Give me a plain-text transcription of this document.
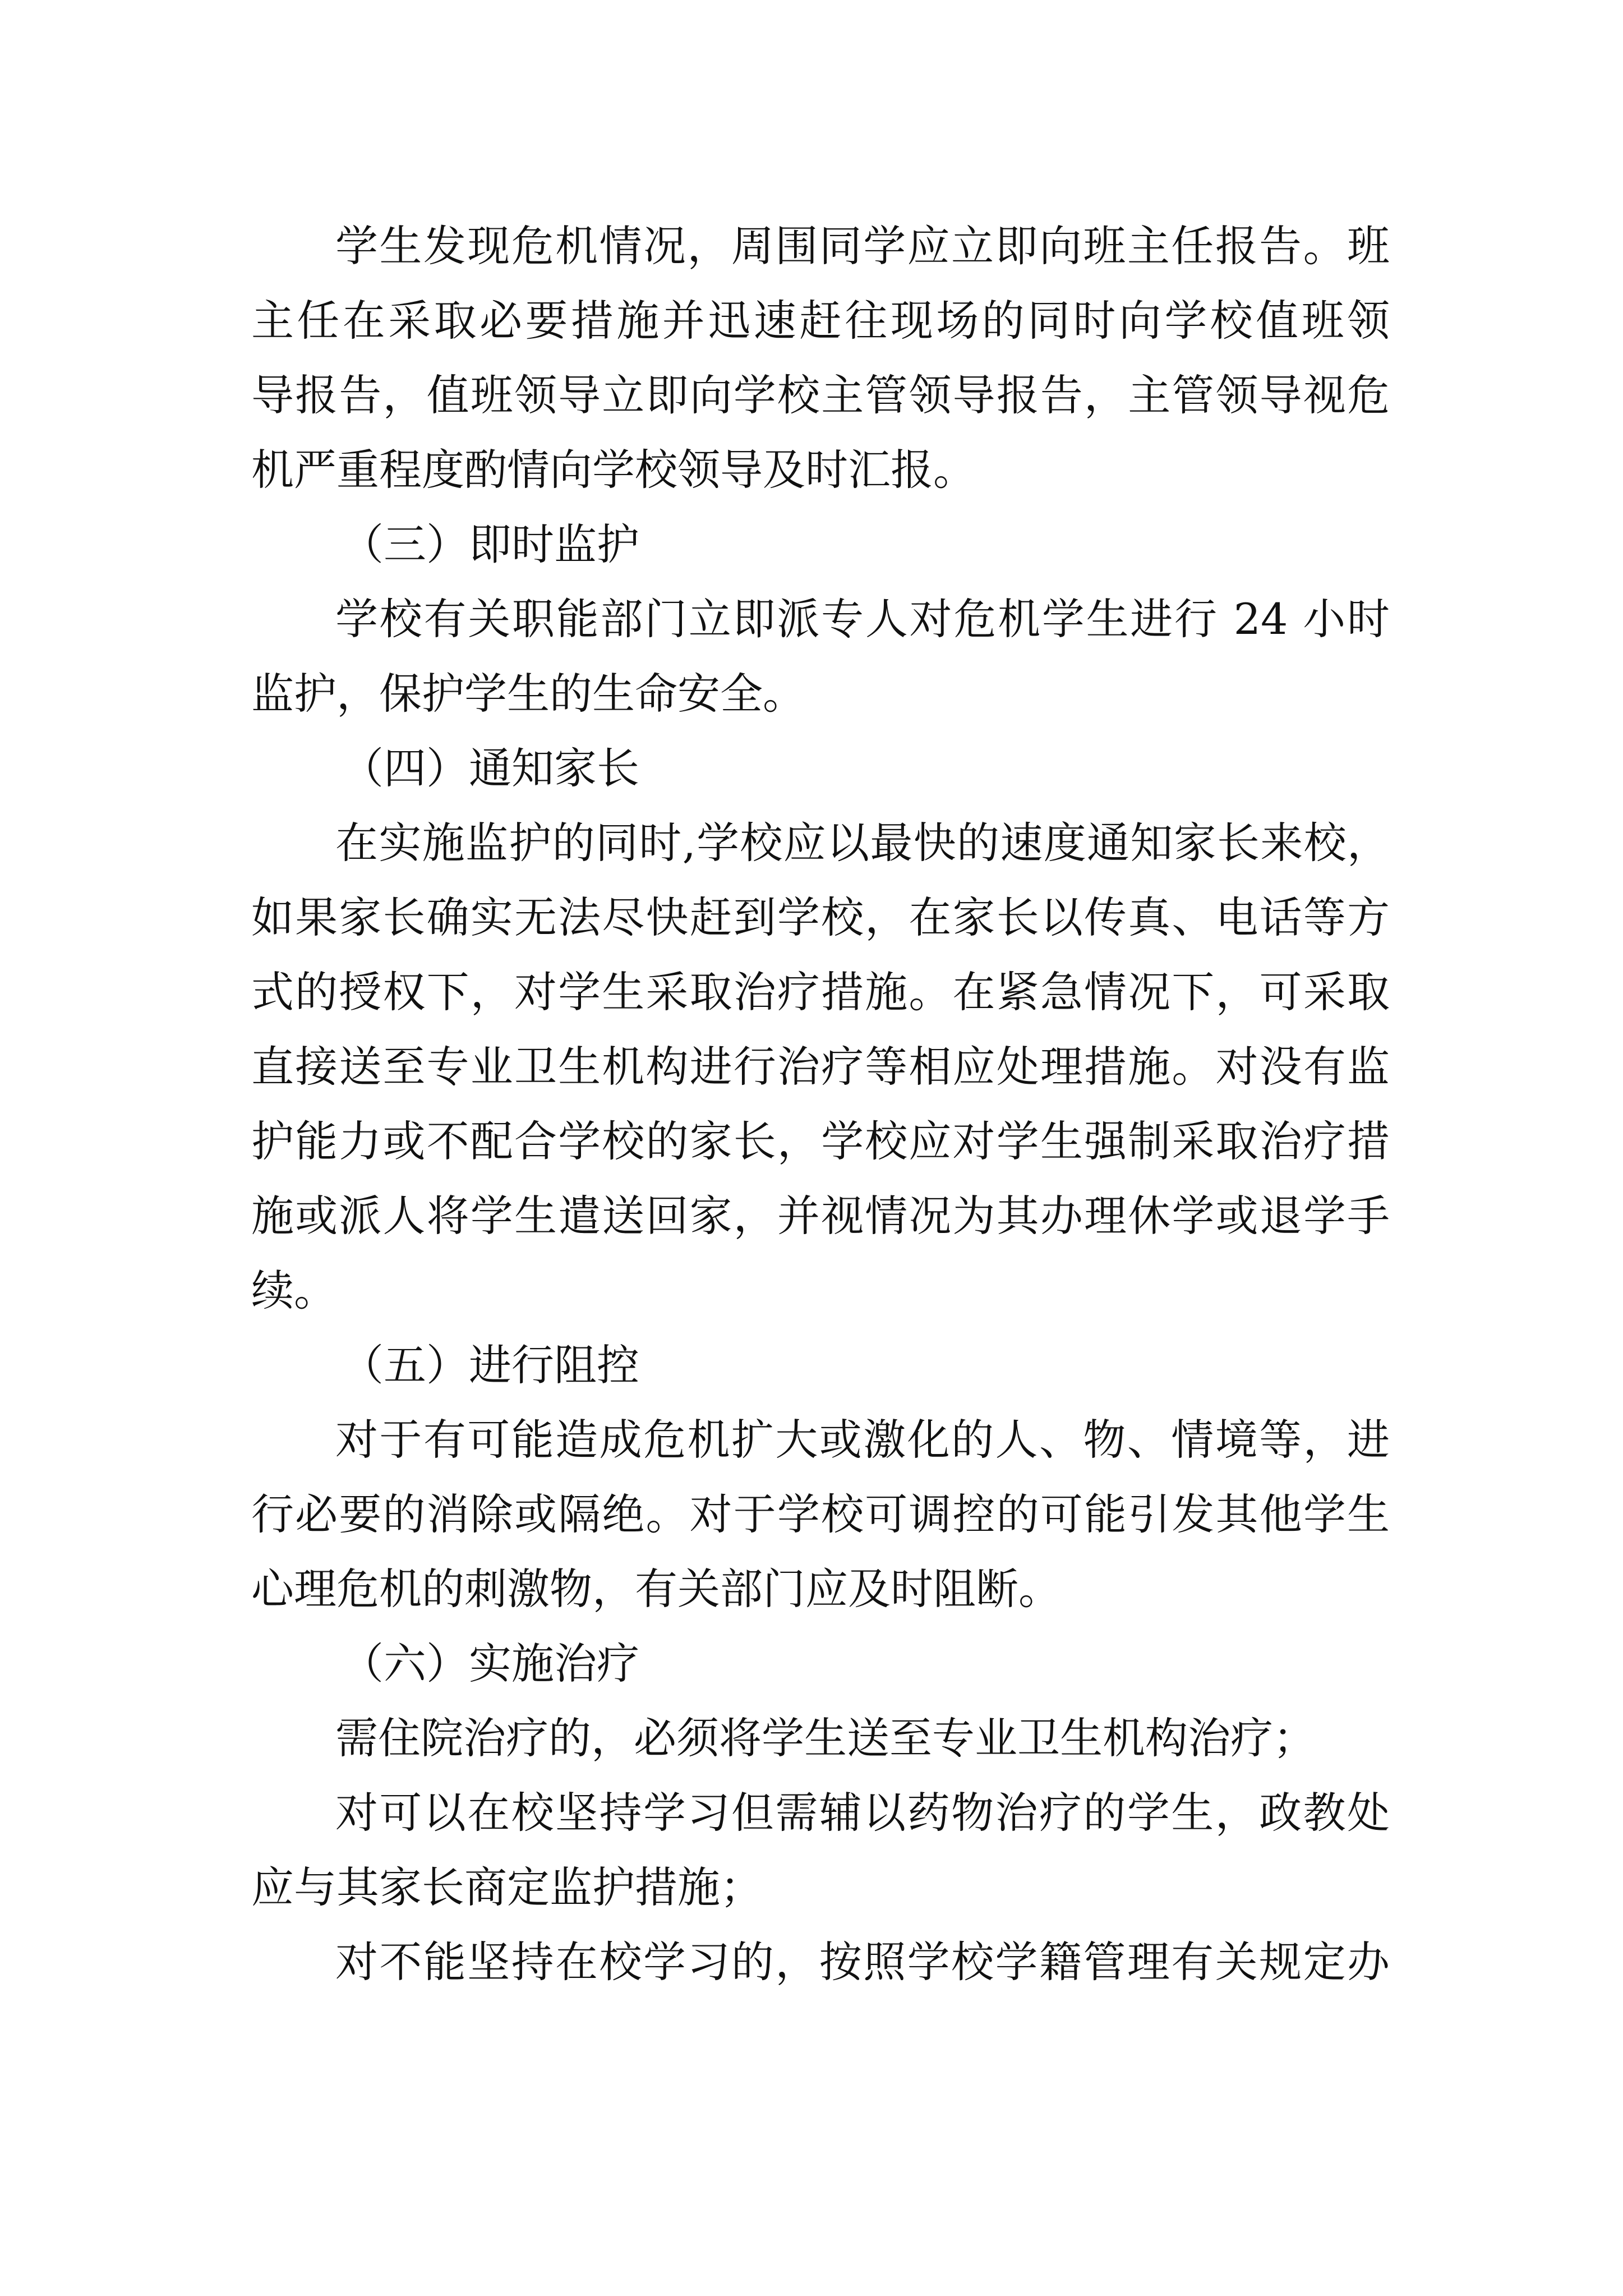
学生发现危机情况，周围同学应立即向班主任报告。班
主任在采取必要措施并迅速赶往现场的同时向学校值班领
导报告，值班领导立即向学校主管领导报告，主管领导视危
机严重程度酌情向学校领导及时汇报。
（三）即时监护
学校有关职能部门立即派专人对危机学生进行 24 小时
监护，保护学生的生命安全。
（四）通知家长
在实施监护的同时,学校应以最快的速度通知家长来校，
如果家长确实无法尽快赶到学校，在家长以传真、电话等方
式的授权下，对学生采取治疗措施。在紧急情况下，可采取
直接送至专业卫生机构进行治疗等相应处理措施。对没有监
护能力或不配合学校的家长，学校应对学生强制采取治疗措
施或派人将学生遣送回家，并视情况为其办理休学或退学手
续。
（五）进行阻控
对于有可能造成危机扩大或激化的人、物、情境等，进
行必要的消除或隔绝。对于学校可调控的可能引发其他学生
心理危机的刺激物，有关部门应及时阻断。
（六）实施治疗
需住院治疗的，必须将学生送至专业卫生机构治疗；
对可以在校坚持学习但需辅以药物治疗的学生，政教处
应与其家长商定监护措施；
对不能坚持在校学习的，按照学校学籍管理有关规定办
